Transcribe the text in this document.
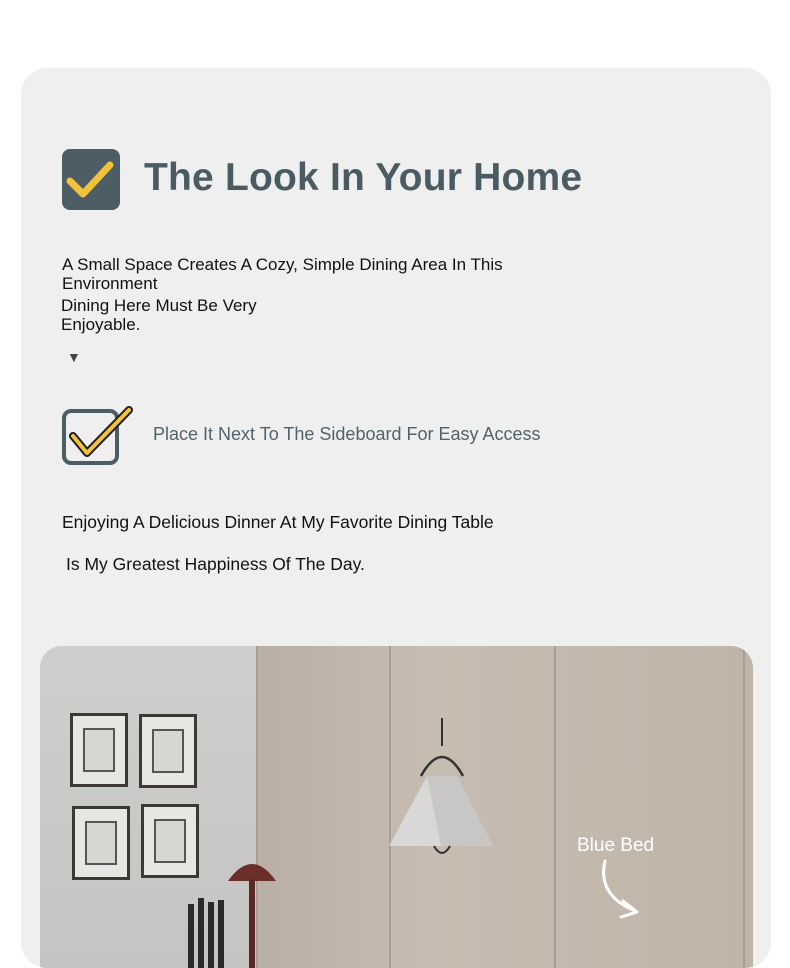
The Look In Your Home
A Small Space Creates A Cozy, Simple Dining Area In This
Environment
Dining Here Must Be Very
Enjoyable.
▼

Place It Next To The Sideboard For Easy Access

Enjoying A Delicious Dinner At My Favorite Dining Table

Is My Greatest Happiness Of The Day.

Blue Bed
